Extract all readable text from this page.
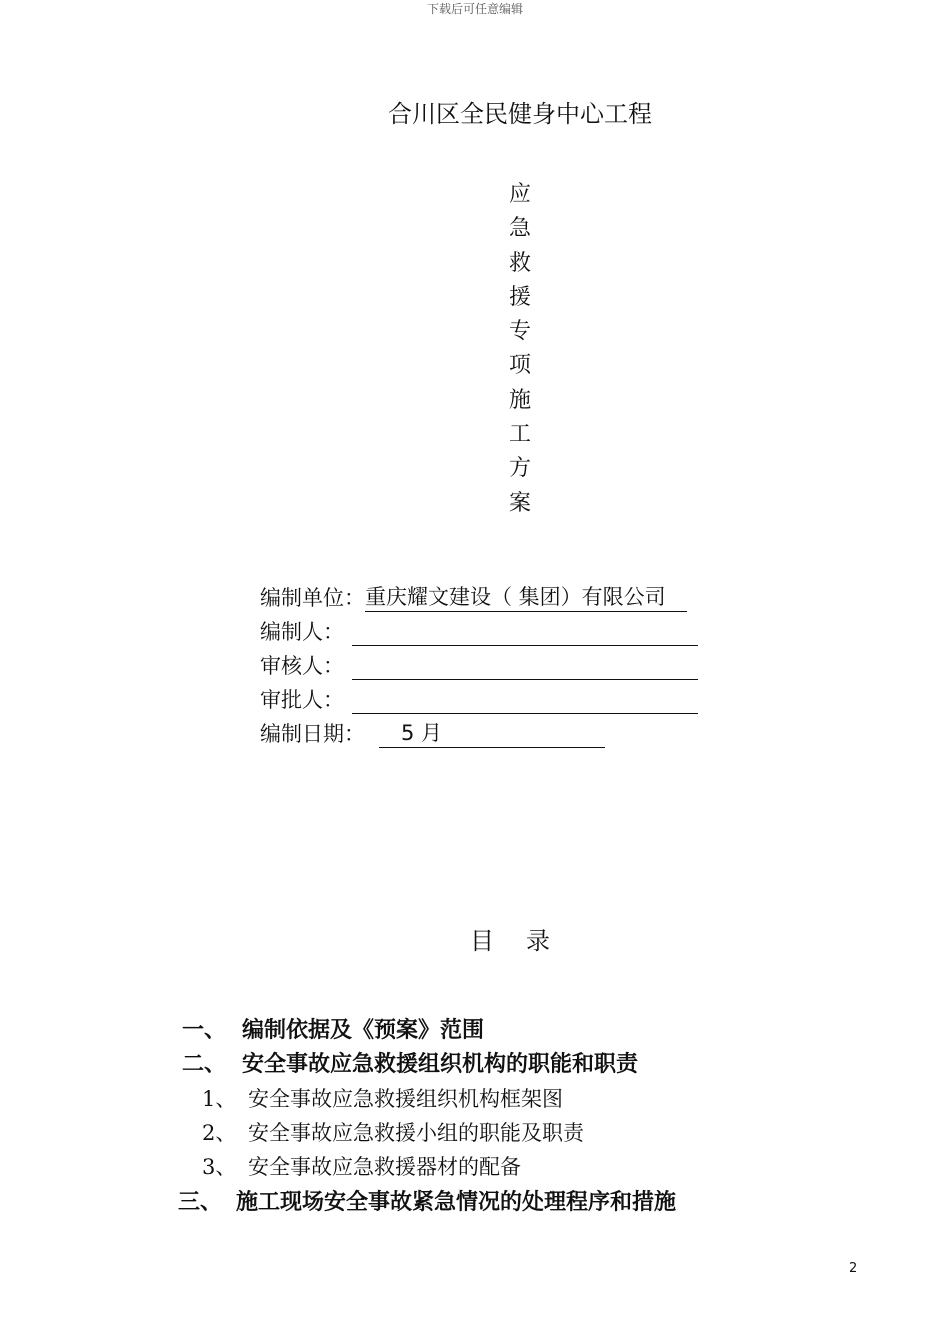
下载后可任意编辑
合川区全民健身中心工程
应
急
救
援
专
项
施
工
方
案
编制单位： 重庆耀文建设（ 集团）有限公司
编制人：
审核人：
审批人：
编制日期：	5 月
目 录
一、 编制依据及《预案》范围
二、 安全事故应急救援组织机构的职能和职责
1、 安全事故应急救援组织机构框架图
2、 安全事故应急救援小组的职能及职责
3、 安全事故应急救援器材的配备
三、 施工现场安全事故紧急情况的处理程序和措施
2
